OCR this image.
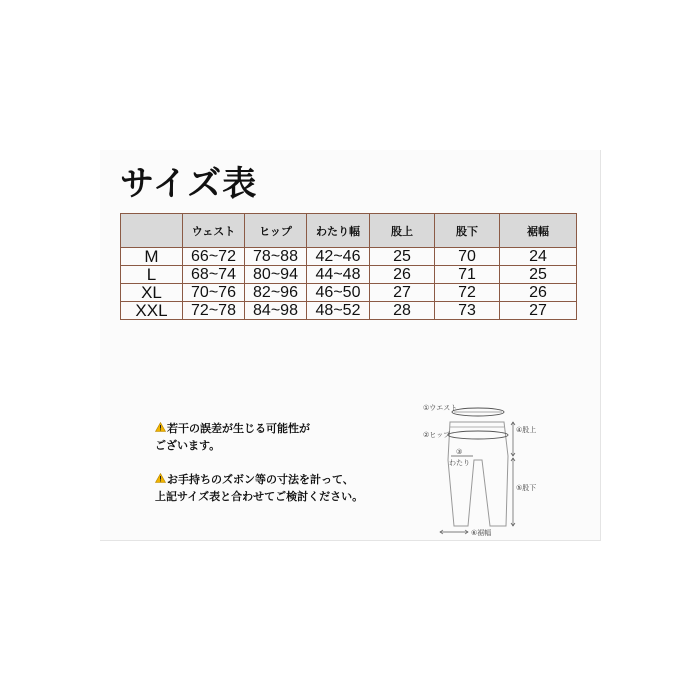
サイズ表
	ウェスト	ヒップ	わたり幅	股上	股下	裾幅
M	66~72	78~88	42~46	25	70	24
L	68~74	80~94	44~48	26	71	25
XL	70~76	82~96	46~50	27	72	26
XXL	72~78	84~98	48~52	28	73	27
若干の誤差が生じる可能性が
ございます。
お手持ちのズボン等の寸法を計って、
上記サイズ表と合わせてご検討ください。
①ウエスト
②ヒップ
③
わたり
④股上
⑤股下
⑥裾幅
